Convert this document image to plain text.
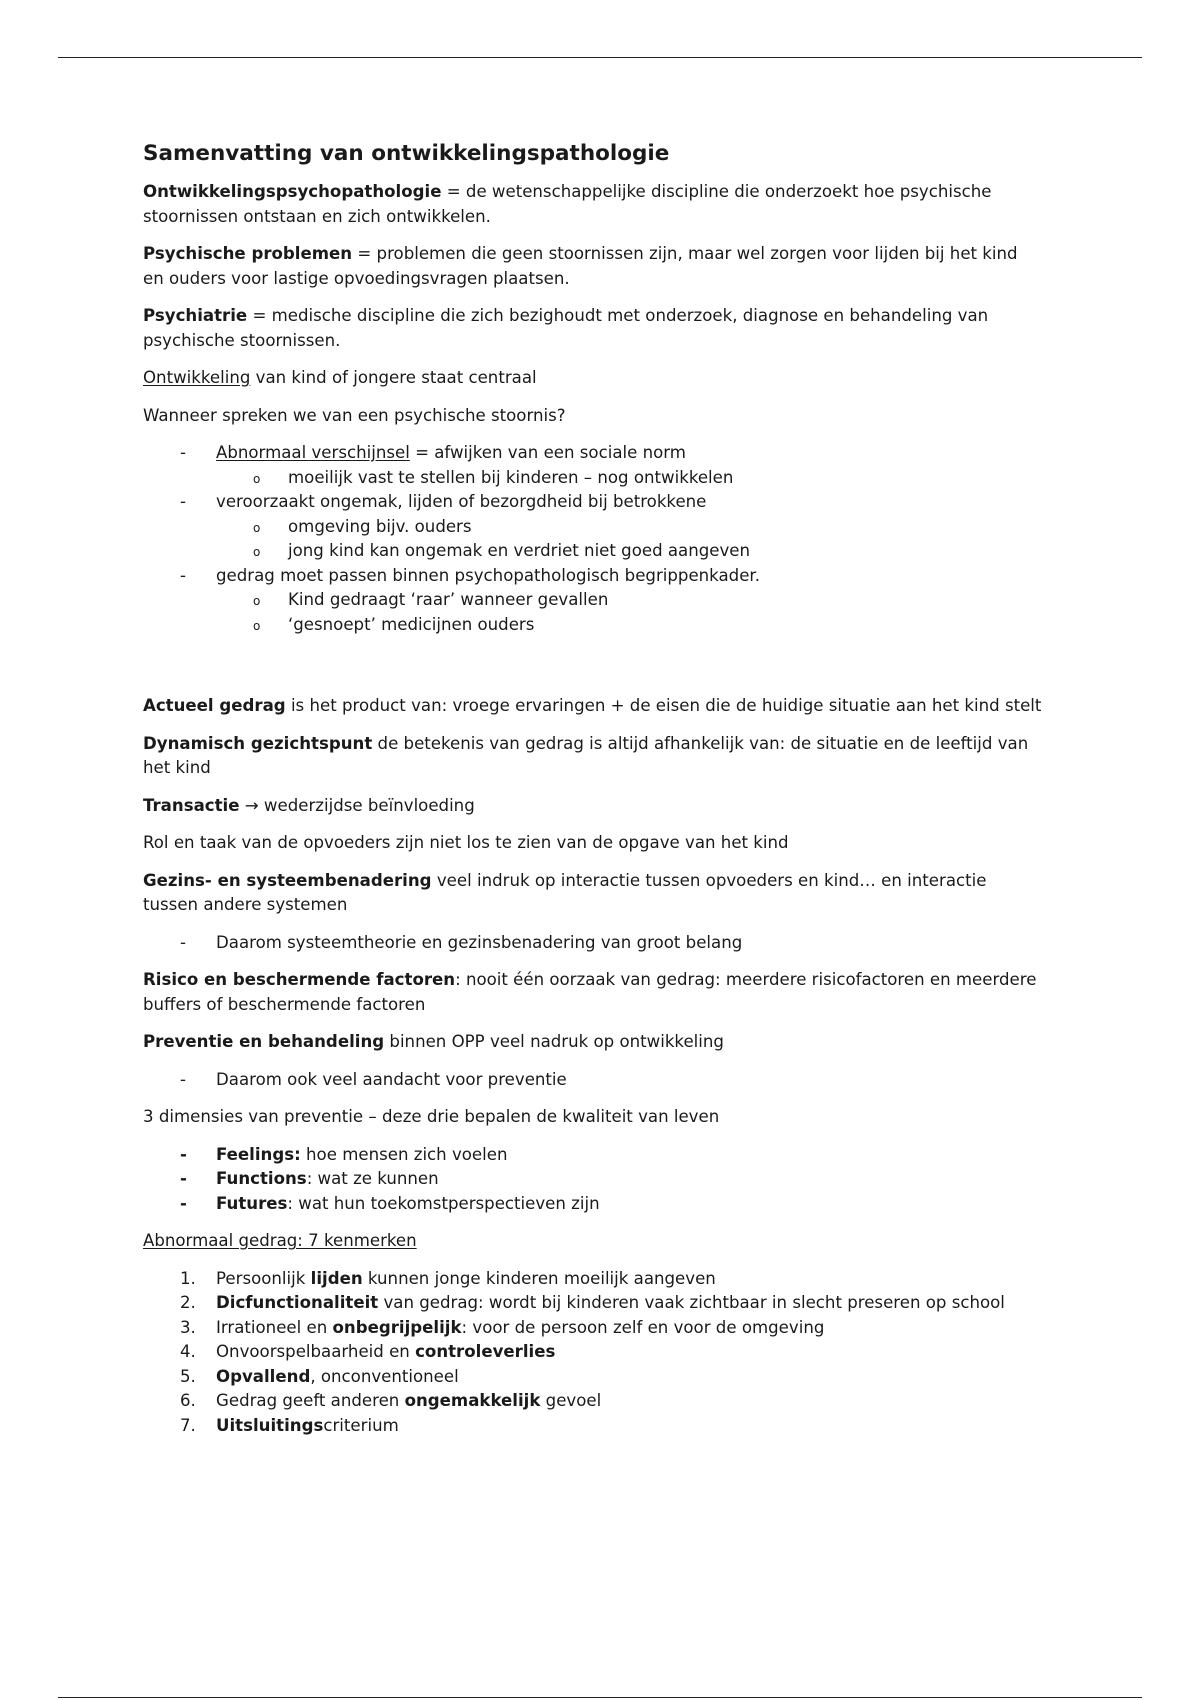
Samenvatting van ontwikkelingspathologie

Ontwikkelingspsychopathologie = de wetenschappelijke discipline die onderzoekt hoe psychische stoornissen ontstaan en zich ontwikkelen.

Psychische problemen = problemen die geen stoornissen zijn, maar wel zorgen voor lijden bij het kind en ouders voor lastige opvoedingsvragen plaatsen.

Psychiatrie = medische discipline die zich bezighoudt met onderzoek, diagnose en behandeling van psychische stoornissen.

Ontwikkeling van kind of jongere staat centraal

Wanneer spreken we van een psychische stoornis?

- Abnormaal verschijnsel = afwijken van een sociale norm
o moeilijk vast te stellen bij kinderen – nog ontwikkelen
- veroorzaakt ongemak, lijden of bezorgdheid bij betrokkene
o omgeving bijv. ouders
o jong kind kan ongemak en verdriet niet goed aangeven
- gedrag moet passen binnen psychopathologisch begrippenkader.
o Kind gedraagt ‘raar’ wanneer gevallen
o ‘gesnoept’ medicijnen ouders

Actueel gedrag is het product van: vroege ervaringen + de eisen die de huidige situatie aan het kind stelt

Dynamisch gezichtspunt de betekenis van gedrag is altijd afhankelijk van: de situatie en de leeftijd van het kind

Transactie → wederzijdse beïnvloeding

Rol en taak van de opvoeders zijn niet los te zien van de opgave van het kind

Gezins- en systeembenadering veel indruk op interactie tussen opvoeders en kind… en interactie tussen andere systemen

- Daarom systeemtheorie en gezinsbenadering van groot belang

Risico en beschermende factoren: nooit één oorzaak van gedrag: meerdere risicofactoren en meerdere buffers of beschermende factoren

Preventie en behandeling binnen OPP veel nadruk op ontwikkeling

- Daarom ook veel aandacht voor preventie

3 dimensies van preventie – deze drie bepalen de kwaliteit van leven

- Feelings: hoe mensen zich voelen
- Functions: wat ze kunnen
- Futures: wat hun toekomstperspectieven zijn

Abnormaal gedrag: 7 kenmerken

1. Persoonlijk lijden kunnen jonge kinderen moeilijk aangeven
2. Dicfunctionaliteit van gedrag: wordt bij kinderen vaak zichtbaar in slecht preseren op school
3. Irrationeel en onbegrijpelijk: voor de persoon zelf en voor de omgeving
4. Onvoorspelbaarheid en controleverlies
5. Opvallend, onconventioneel
6. Gedrag geeft anderen ongemakkelijk gevoel
7. Uitsluitingscriterium
